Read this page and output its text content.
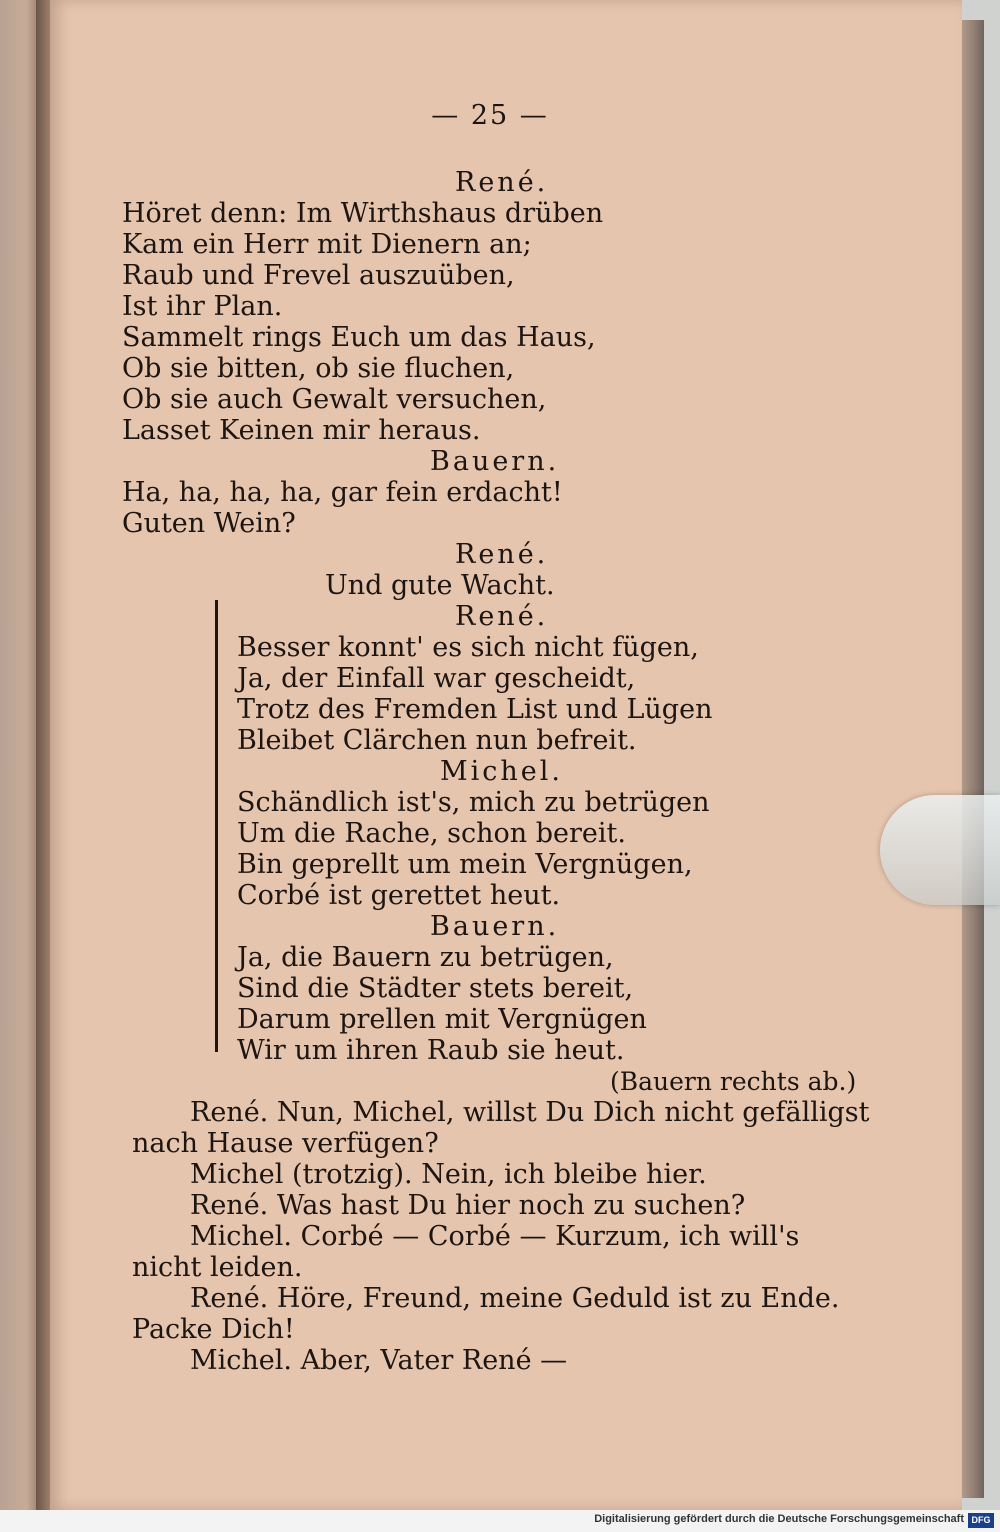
— 25 —
René.
Höret denn: Im Wirthshaus drüben
Kam ein Herr mit Dienern an;
Raub und Frevel auszuüben,
Ist ihr Plan.
Sammelt rings Euch um das Haus,
Ob sie bitten, ob sie fluchen,
Ob sie auch Gewalt versuchen,
Lasset Keinen mir heraus.
Bauern.
Ha, ha, ha, ha, gar fein erdacht!
Guten Wein?
René.
Und gute Wacht.
René.
Besser konnt' es sich nicht fügen,
Ja, der Einfall war gescheidt,
Trotz des Fremden List und Lügen
Bleibet Clärchen nun befreit.
Michel.
Schändlich ist's, mich zu betrügen
Um die Rache, schon bereit.
Bin geprellt um mein Vergnügen,
Corbé ist gerettet heut.
Bauern.
Ja, die Bauern zu betrügen,
Sind die Städter stets bereit,
Darum prellen mit Vergnügen
Wir um ihren Raub sie heut.
(Bauern rechts ab.)
René. Nun, Michel, willst Du Dich nicht gefälligst
nach Hause verfügen?
Michel (trotzig). Nein, ich bleibe hier.
René. Was hast Du hier noch zu suchen?
Michel. Corbé — Corbé — Kurzum, ich will's
nicht leiden.
René. Höre, Freund, meine Geduld ist zu Ende.
Packe Dich!
Michel. Aber, Vater René —
Digitalisierung gefördert durch die Deutsche Forschungsgemeinschaft DFG
